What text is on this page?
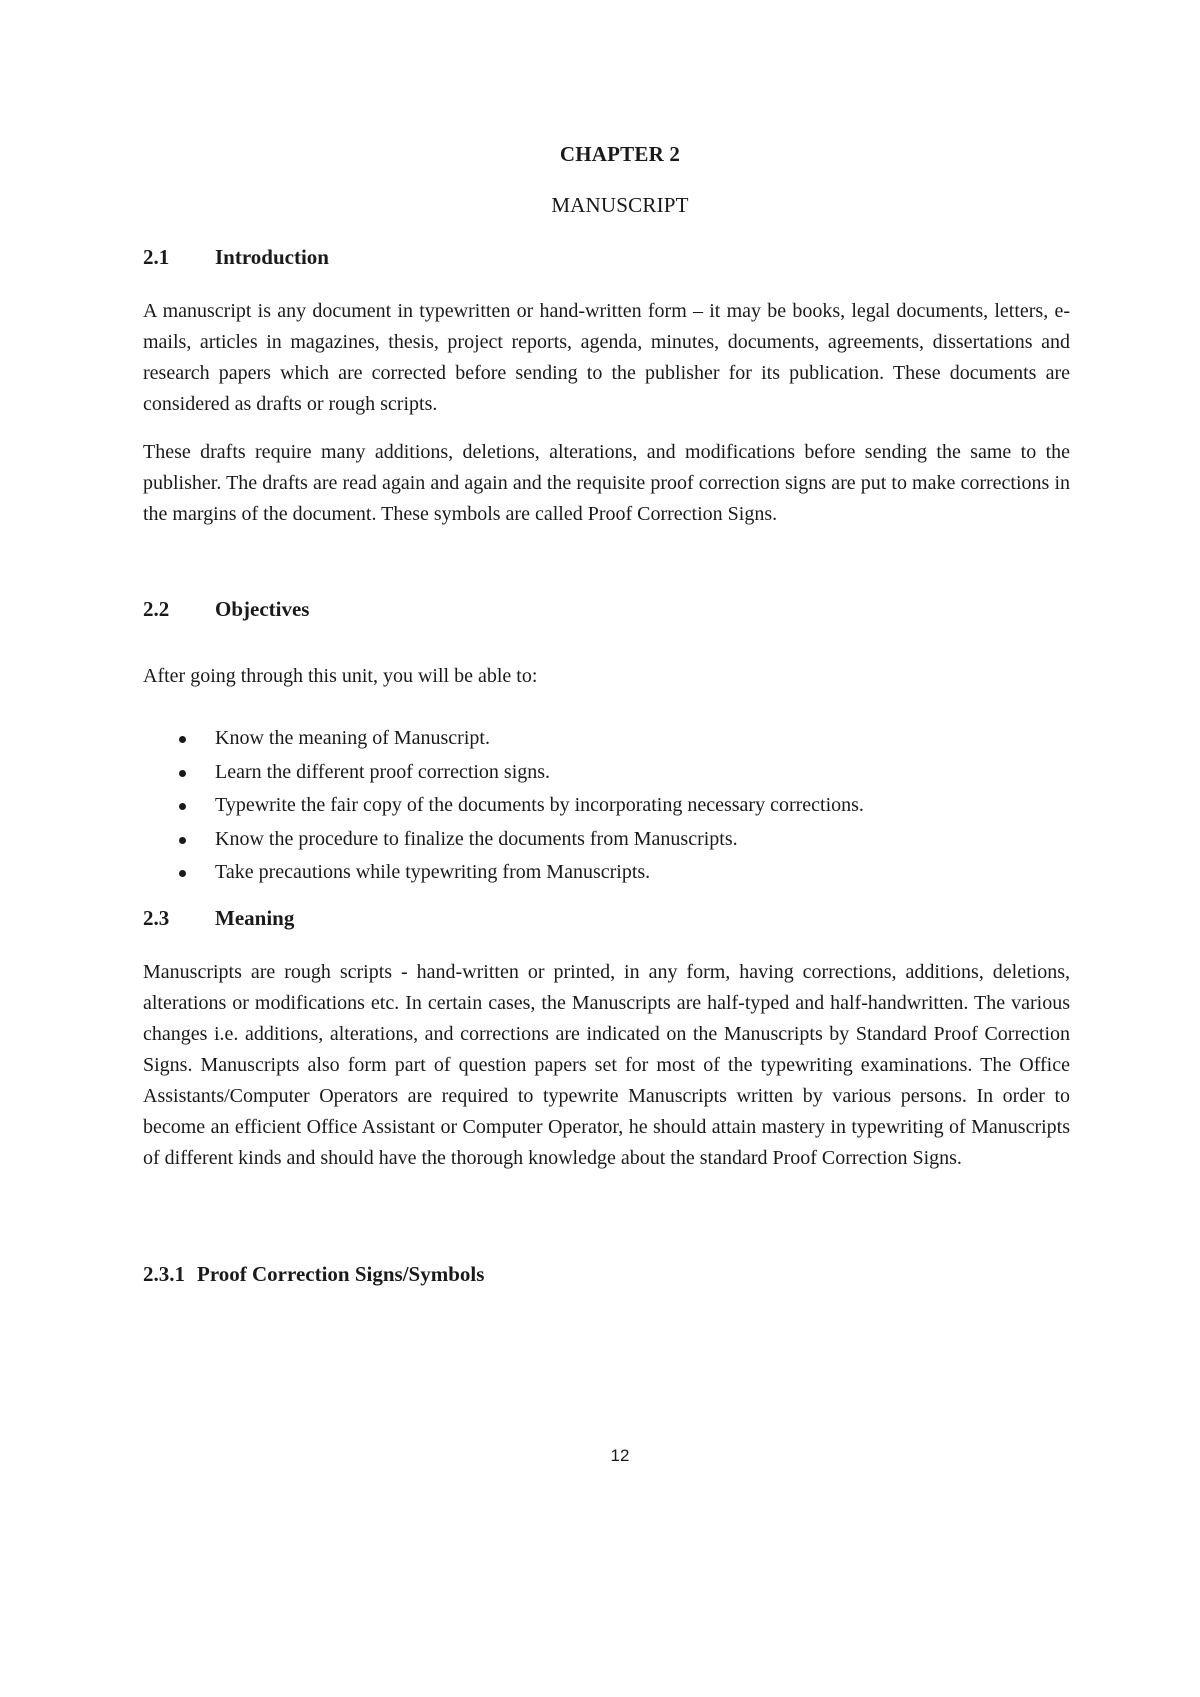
CHAPTER 2
MANUSCRIPT
2.1 Introduction

A manuscript is any document in typewritten or hand-written form – it may be books, legal documents, letters, e-mails, articles in magazines, thesis, project reports, agenda, minutes, documents, agreements, dissertations and research papers which are corrected before sending to the publisher for its publication. These documents are considered as drafts or rough scripts.

These drafts require many additions, deletions, alterations, and modifications before sending the same to the publisher. The drafts are read again and again and the requisite proof correction signs are put to make corrections in the margins of the document. These symbols are called Proof Correction Signs.

2.2 Objectives

After going through this unit, you will be able to:

Know the meaning of Manuscript.
Learn the different proof correction signs.
Typewrite the fair copy of the documents by incorporating necessary corrections.
Know the procedure to finalize the documents from Manuscripts.
Take precautions while typewriting from Manuscripts.
2.3 Meaning

Manuscripts are rough scripts - hand-written or printed, in any form, having corrections, additions, deletions, alterations or modifications etc. In certain cases, the Manuscripts are half-typed and half-handwritten. The various changes i.e. additions, alterations, and corrections are indicated on the Manuscripts by Standard Proof Correction Signs. Manuscripts also form part of question papers set for most of the typewriting examinations. The Office Assistants/Computer Operators are required to typewrite Manuscripts written by various persons. In order to become an efficient Office Assistant or Computer Operator, he should attain mastery in typewriting of Manuscripts of different kinds and should have the thorough knowledge about the standard Proof Correction Signs.

2.3.1 Proof Correction Signs/Symbols
12
